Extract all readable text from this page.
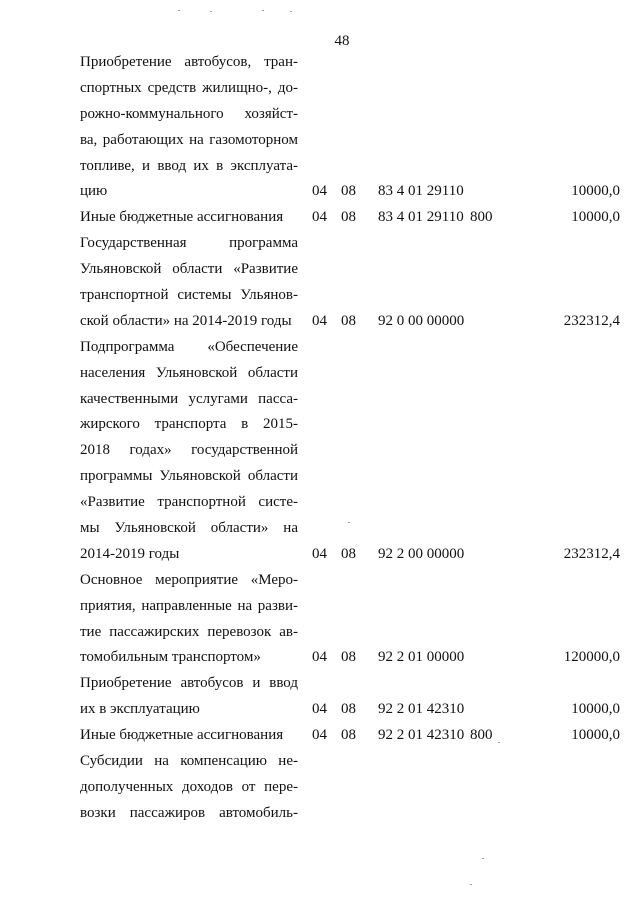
48
Приобретение автобусов, тран-
спортных средств жилищно-, до-
рожно-коммунального хозяйст-
ва, работающих на газомоторном
топливе, и ввод их в эксплуата-
цию	04 08 83 4 01 29110	10000,0
Иные бюджетные ассигнования	04 08 83 4 01 29110 800	10000,0
Государственная программа
Ульяновской области «Развитие
транспортной системы Ульянов-
ской области» на 2014-2019 годы	04 08 92 0 00 00000	232312,4
Подпрограмма «Обеспечение
населения Ульяновской области
качественными услугами пасса-
жирского транспорта в 2015-
2018 годах» государственной
программы Ульяновской области
«Развитие транспортной систе-
мы Ульяновской области» на
2014-2019 годы	04 08 92 2 00 00000	232312,4
Основное мероприятие «Меро-
приятия, направленные на разви-
тие пассажирских перевозок ав-
томобильным транспортом»	04 08 92 2 01 00000	120000,0
Приобретение автобусов и ввод
их в эксплуатацию	04 08 92 2 01 42310	10000,0
Иные бюджетные ассигнования	04 08 92 2 01 42310 800	10000,0
Субсидии на компенсацию не-
дополученных доходов от пере-
возки пассажиров автомобиль-
